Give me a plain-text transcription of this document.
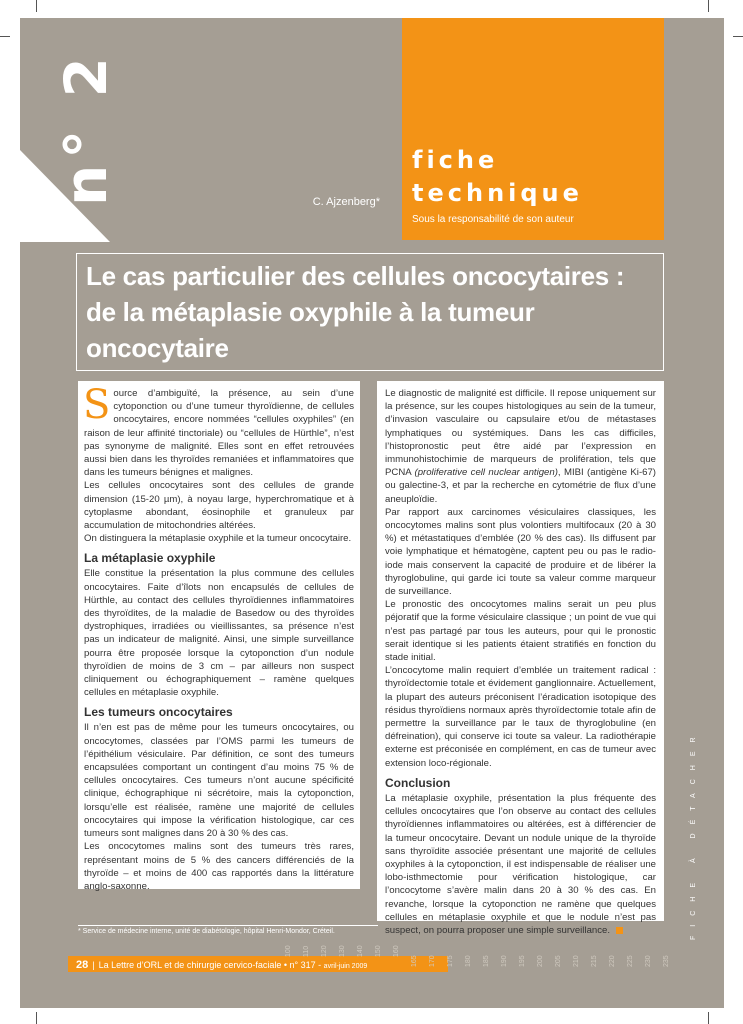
n° 2	C. Ajzenberg*
fiche
technique
Sous la responsabilité de son auteur
Le cas particulier des cellules oncocytaires : de la métaplasie oxyphile à la tumeur oncocytaire

Source d’ambiguïté, la présence, au sein d’une cytoponction ou d’une tumeur thyroïdienne, de cellules oncocytaires, encore nommées “cellules oxyphiles” (en raison de leur affinité tinctoriale) ou “cellules de Hürthle”, n’est pas synonyme de malignité. Elles sont en effet retrouvées aussi bien dans les thyroïdes remaniées et inflammatoires que dans les tumeurs bénignes et malignes.

Les cellules oncocytaires sont des cellules de grande dimension (15-20 µm), à noyau large, hyperchromatique et à cytoplasme abondant, éosinophile et granuleux par accumulation de mitochondries altérées.

On distinguera la métaplasie oxyphile et la tumeur oncocytaire.

La métaplasie oxyphile

Elle constitue la présentation la plus commune des cellules oncocytaires. Faite d’îlots non encapsulés de cellules de Hürthle, au contact des cellules thyroïdiennes inflammatoires des thyroïdites, de la maladie de Basedow ou des thyroïdes dystrophiques, irradiées ou vieillissantes, sa présence n’est pas un indicateur de malignité. Ainsi, une simple surveillance pourra être proposée lorsque la cytoponction d’un nodule thyroïdien de moins de 3 cm – par ailleurs non suspect cliniquement ou échographiquement – ramène quelques cellules en métaplasie oxyphile.

Les tumeurs oncocytaires

Il n’en est pas de même pour les tumeurs oncocytaires, ou oncocytomes, classées par l’OMS parmi les tumeurs de l’épithélium vésiculaire. Par définition, ce sont des tumeurs encapsulées comportant un contingent d’au moins 75 % de cellules oncocytaires. Ces tumeurs n’ont aucune spécificité clinique, échographique ni sécrétoire, mais la cytoponction, lorsqu’elle est réalisée, ramène une majorité de cellules oncocytaires qui impose la vérification histologique, car ces tumeurs sont malignes dans 20 à 30 % des cas.

Les oncocytomes malins sont des tumeurs très rares, représentant moins de 5 % des cancers différenciés de la thyroïde – et moins de 400 cas rapportés dans la littérature anglo-saxonne.

Le diagnostic de malignité est difficile. Il repose uniquement sur la présence, sur les coupes histologiques au sein de la tumeur, d’invasion vasculaire ou capsulaire et/ou de métastases lymphatiques ou systémiques. Dans les cas difficiles, l’histopronostic peut être aidé par l’expression en immunohistochimie de marqueurs de prolifération, tels que PCNA (proliferative cell nuclear antigen), MIBI (antigène Ki-67) ou galectine-3, et par la recherche en cytométrie de flux d’une aneuploïdie.

Par rapport aux carcinomes vésiculaires classiques, les oncocytomes malins sont plus volontiers multifocaux (20 à 30 %) et métastatiques d’emblée (20 % des cas). Ils diffusent par voie lymphatique et hématogène, captent peu ou pas le radio-iode mais conservent la capacité de produire et de libérer la thyroglobuline, qui garde ici toute sa valeur comme marqueur de surveillance.

Le pronostic des oncocytomes malins serait un peu plus péjoratif que la forme vésiculaire classique ; un point de vue qui n’est pas partagé par tous les auteurs, pour qui le pronostic serait identique si les patients étaient stratifiés en fonction du stade initial.

L’oncocytome malin requiert d’emblée un traitement radical : thyroïdectomie totale et évidement ganglionnaire. Actuellement, la plupart des auteurs préconisent l’éradication isotopique des résidus thyroïdiens normaux après thyroïdectomie totale afin de permettre la surveillance par le taux de thyroglobuline (en défreination), qui conserve ici toute sa valeur. La radiothérapie externe est préconisée en complément, en cas de tumeur avec extension loco-régionale.

Conclusion

La métaplasie oxyphile, présentation la plus fréquente des cellules oncocytaires que l’on observe au contact des cellules thyroïdiennes inflammatoires ou altérées, est à différencier de la tumeur oncocytaire. Devant un nodule unique de la thyroïde sans thyroïdite associée présentant une majorité de cellules oxyphiles à la cytoponction, il est indispensable de réaliser une lobo-isthmectomie pour vérification histologique, car l’oncocytome s’avère malin dans 20 à 30 % des cas. En revanche, lorsque la cytoponction ne ramène que quelques cellules en métaplasie oxyphile et que le nodule n’est pas suspect, on pourra proposer une simple surveillance.

* Service de médecine interne, unité de diabétologie, hôpital Henri-Mondor, Créteil.
28 | La Lettre d’ORL et de chirurgie cervico-faciale • n° 317 - avril-juin 2009
100 110 120 130 140 150 160
165 170 175 180 185 190 195 200 205 210 215 220 225 230 235
FICHE À DÉTACHER
